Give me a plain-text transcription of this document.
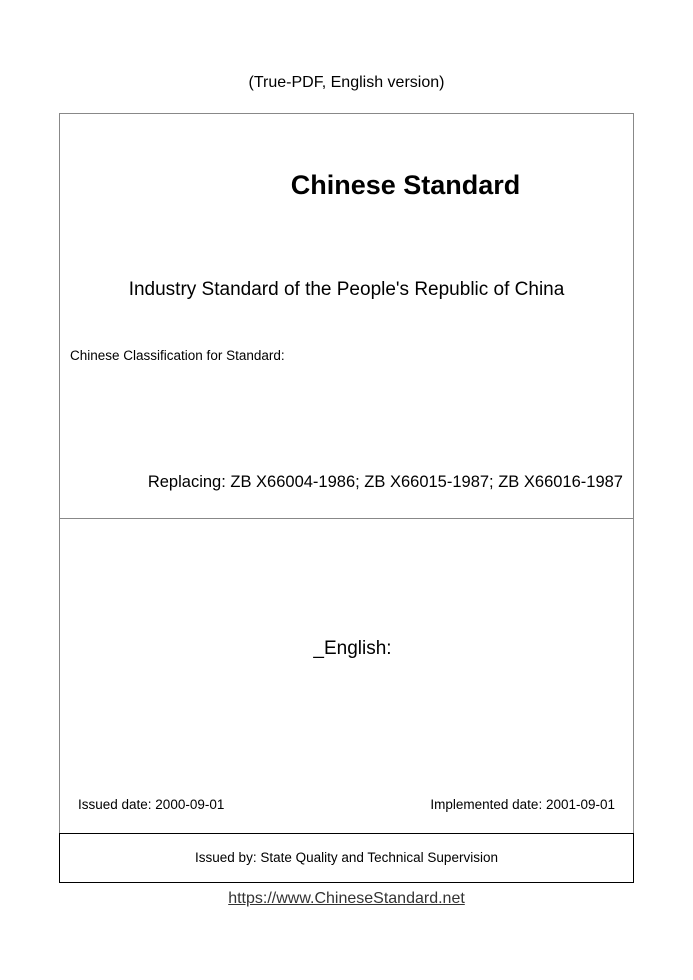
(True-PDF, English version)
Chinese Standard
Industry Standard of the People's Republic of China
Chinese Classification for Standard:
Replacing: ZB X66004-1986; ZB X66015-1987; ZB X66016-1987
_English:
Issued date: 2000-09-01	Implemented date: 2001-09-01
Issued by: State Quality and Technical Supervision
https://www.ChineseStandard.net
